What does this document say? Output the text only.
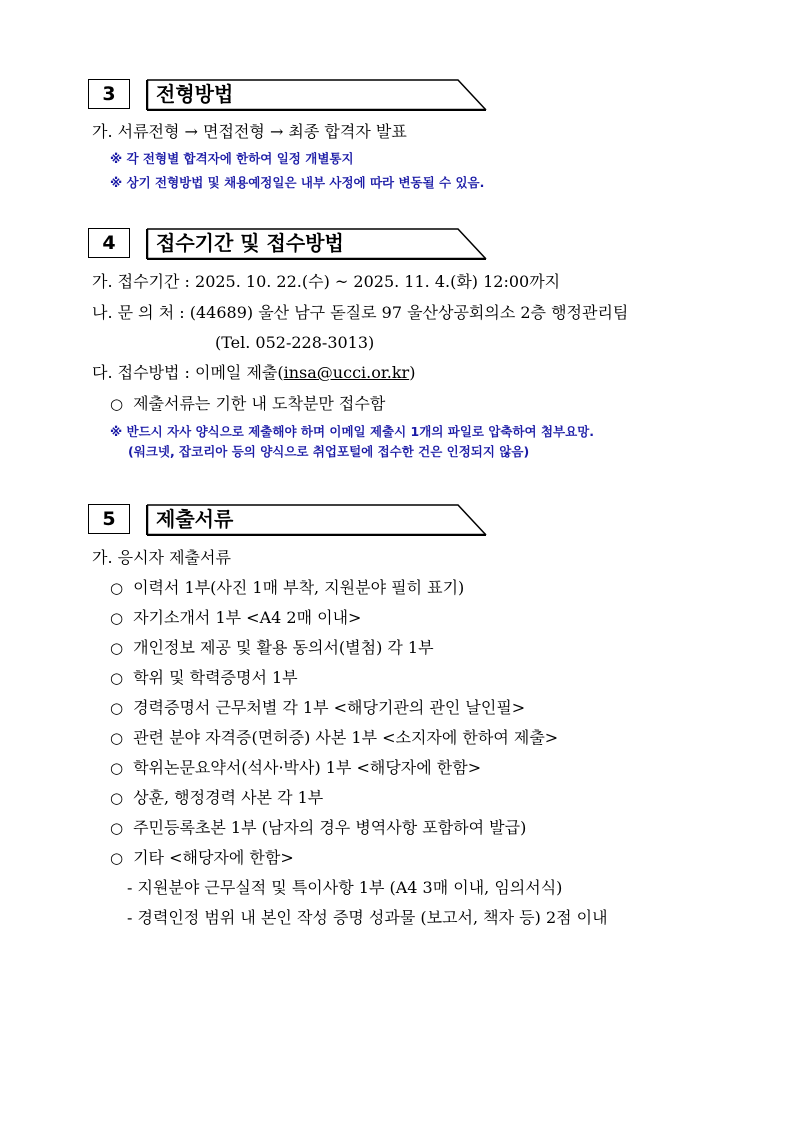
3	전형방법
가. 서류전형 → 면접전형 → 최종 합격자 발표
※ 각 전형별 합격자에 한하여 일정 개별통지
※ 상기 전형방법 및 채용예정일은 내부 사정에 따라 변동될 수 있음.
4	접수기간 및 접수방법
가. 접수기간 : 2025. 10. 22.(수) ~ 2025. 11. 4.(화) 12:00까지
나. 문 의 처 : (44689) 울산 남구 돋질로 97 울산상공회의소 2층 행정관리팀
(Tel. 052-228-3013)
다. 접수방법 : 이메일 제출(insa@ucci.or.kr)
○ 제출서류는 기한 내 도착분만 접수함
※ 반드시 자사 양식으로 제출해야 하며 이메일 제출시 1개의 파일로 압축하여 첨부요망.
(워크넷, 잡코리아 등의 양식으로 취업포털에 접수한 건은 인정되지 않음)
5	제출서류
가. 응시자 제출서류
○ 이력서 1부(사진 1매 부착, 지원분야 필히 표기)
○ 자기소개서 1부 <A4 2매 이내>
○ 개인정보 제공 및 활용 동의서(별첨) 각 1부
○ 학위 및 학력증명서 1부
○ 경력증명서 근무처별 각 1부 <해당기관의 관인 날인필>
○ 관련 분야 자격증(면허증) 사본 1부 <소지자에 한하여 제출>
○ 학위논문요약서(석사·박사) 1부 <해당자에 한함>
○ 상훈, 행정경력 사본 각 1부
○ 주민등록초본 1부 (남자의 경우 병역사항 포함하여 발급)
○ 기타 <해당자에 한함>
- 지원분야 근무실적 및 특이사항 1부 (A4 3매 이내, 임의서식)
- 경력인정 범위 내 본인 작성 증명 성과물 (보고서, 책자 등) 2점 이내
